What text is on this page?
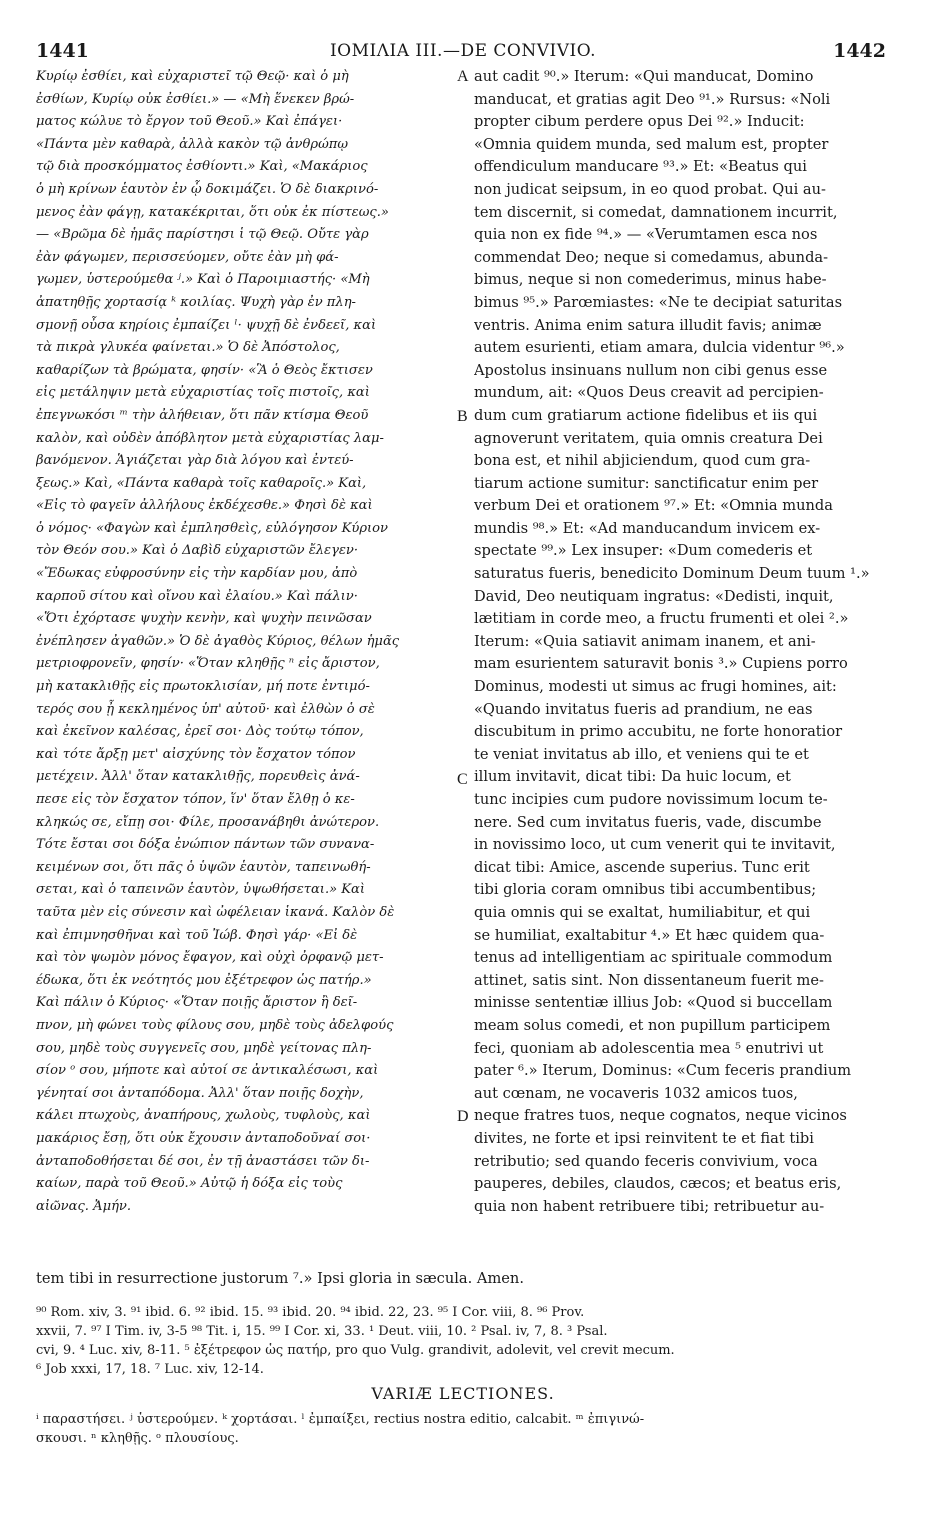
1441	ΙΟΜΙΛΙΑ III.—DE CONVIVIO.	1442
Κυρίῳ ἐσθίει, καὶ εὐχαριστεῖ τῷ Θεῷ· καὶ ὁ μὴ
ἐσθίων, Κυρίῳ οὐκ ἐσθίει.» — «Μὴ ἕνεκεν βρώ-
ματος κώλυε τὸ ἔργον τοῦ Θεοῦ.» Καὶ ἐπάγει·
«Πάντα μὲν καθαρὰ, ἀλλὰ κακὸν τῷ ἀνθρώπῳ
τῷ διὰ προσκόμματος ἐσθίοντι.» Καὶ, «Μακάριος
ὁ μὴ κρίνων ἑαυτὸν ἐν ᾧ δοκιμάζει. Ὁ δὲ διακρινό-
μενος ἐὰν φάγῃ, κατακέκριται, ὅτι οὐκ ἐκ πίστεως.»
— «Βρῶμα δὲ ἡμᾶς παρίστησι ἱ τῷ Θεῷ. Οὔτε γὰρ
ἐὰν φάγωμεν, περισσεύομεν, οὔτε ἐὰν μὴ φά-
γωμεν, ὑστερούμεθα ʲ.» Καὶ ὁ Παροιμιαστής· «Μὴ
ἀπατηθῇς χορτασίᾳ ᵏ κοιλίας. Ψυχὴ γὰρ ἐν πλη-
σμονῇ οὖσα κηρίοις ἐμπαίζει ˡ· ψυχῇ δὲ ἐνδεεῖ, καὶ
τὰ πικρὰ γλυκέα φαίνεται.» Ὁ δὲ Ἀπόστολος,
καθαρίζων τὰ βρώματα, φησίν· «Ἃ ὁ Θεὸς ἔκτισεν
εἰς μετάληψιν μετὰ εὐχαριστίας τοῖς πιστοῖς, καὶ
ἐπεγνωκόσι ᵐ τὴν ἀλήθειαν, ὅτι πᾶν κτίσμα Θεοῦ
καλὸν, καὶ οὐδὲν ἀπόβλητον μετὰ εὐχαριστίας λαμ-
βανόμενον. Ἁγιάζεται γὰρ διὰ λόγου καὶ ἐντεύ-
ξεως.» Καὶ, «Πάντα καθαρὰ τοῖς καθαροῖς.» Καὶ,
«Εἰς τὸ φαγεῖν ἀλλήλους ἐκδέχεσθε.» Φησὶ δὲ καὶ
ὁ νόμος· «Φαγὼν καὶ ἐμπλησθεὶς, εὐλόγησον Κύριον
τὸν Θεόν σου.» Καὶ ὁ Δαβὶδ εὐχαριστῶν ἔλεγεν·
«Ἔδωκας εὐφροσύνην εἰς τὴν καρδίαν μου, ἀπὸ
καρποῦ σίτου καὶ οἴνου καὶ ἐλαίου.» Καὶ πάλιν·
«Ὅτι ἐχόρτασε ψυχὴν κενὴν, καὶ ψυχὴν πεινῶσαν
ἐνέπλησεν ἀγαθῶν.» Ὁ δὲ ἀγαθὸς Κύριος, θέλων ἡμᾶς
μετριοφρονεῖν, φησίν· «Ὅταν κληθῇς ⁿ εἰς ἄριστον,
μὴ κατακλιθῇς εἰς πρωτοκλισίαν, μή ποτε ἐντιμό-
τερός σου ᾖ κεκλημένος ὑπ' αὐτοῦ· καὶ ἐλθὼν ὁ σὲ
καὶ ἐκεῖνον καλέσας, ἐρεῖ σοι· Δὸς τούτῳ τόπον,
καὶ τότε ἄρξῃ μετ' αἰσχύνης τὸν ἔσχατον τόπον
μετέχειν. Ἀλλ' ὅταν κατακλιθῇς, πορευθεὶς ἀνά-
πεσε εἰς τὸν ἔσχατον τόπον, ἵν' ὅταν ἔλθῃ ὁ κε-
κληκώς σε, εἴπῃ σοι· Φίλε, προσανάβηθι ἀνώτερον.
Τότε ἔσται σοι δόξα ἐνώπιον πάντων τῶν συνανα-
κειμένων σοι, ὅτι πᾶς ὁ ὑψῶν ἑαυτὸν, ταπεινωθή-
σεται, καὶ ὁ ταπεινῶν ἑαυτὸν, ὑψωθήσεται.» Καὶ
ταῦτα μὲν εἰς σύνεσιν καὶ ὠφέλειαν ἱκανά. Καλὸν δὲ
καὶ ἐπιμνησθῆναι καὶ τοῦ Ἰώβ. Φησὶ γάρ· «Εἰ δὲ
καὶ τὸν ψωμὸν μόνος ἔφαγον, καὶ οὐχὶ ὀρφανῷ μετ-
έδωκα, ὅτι ἐκ νεότητός μου ἐξέτρεφον ὡς πατήρ.»
Καὶ πάλιν ὁ Κύριος· «Ὅταν ποιῇς ἄριστον ἢ δεῖ-
πνον, μὴ φώνει τοὺς φίλους σου, μηδὲ τοὺς ἀδελφούς
σου, μηδὲ τοὺς συγγενεῖς σου, μηδὲ γείτονας πλη-
σίον ᵒ σου, μήποτε καὶ αὐτοί σε ἀντικαλέσωσι, καὶ
γένηταί σοι ἀνταπόδομα. Ἀλλ' ὅταν ποιῇς δοχὴν,
κάλει πτωχοὺς, ἀναπήρους, χωλοὺς, τυφλοὺς, καὶ
μακάριος ἔσῃ, ὅτι οὐκ ἔχουσιν ἀνταποδοῦναί σοι·
ἀνταποδοθήσεται δέ σοι, ἐν τῇ ἀναστάσει τῶν δι-
καίων, παρὰ τοῦ Θεοῦ.» Αὐτῷ ἡ δόξα εἰς τοὺς
αἰῶνας. Ἀμήν.
aut cadit ⁹⁰.» Iterum: «Qui manducat, Domino
manducat, et gratias agit Deo ⁹¹.» Rursus: «Noli
propter cibum perdere opus Dei ⁹².» Inducit:
«Omnia quidem munda, sed malum est, propter
offendiculum manducare ⁹³.» Et: «Beatus qui
non judicat seipsum, in eo quod probat. Qui au-
tem discernit, si comedat, damnationem incurrit,
quia non ex fide ⁹⁴.» — «Verumtamen esca nos
commendat Deo; neque si comedamus, abunda-
bimus, neque si non comederimus, minus habe-
bimus ⁹⁵.» Parœmiastes: «Ne te decipiat saturitas
ventris. Anima enim satura illudit favis; animæ
autem esurienti, etiam amara, dulcia videntur ⁹⁶.»
Apostolus insinuans nullum non cibi genus esse
mundum, ait: «Quos Deus creavit ad percipien-
dum cum gratiarum actione fidelibus et iis qui
agnoverunt veritatem, quia omnis creatura Dei
bona est, et nihil abjiciendum, quod cum gra-
tiarum actione sumitur: sanctificatur enim per
verbum Dei et orationem ⁹⁷.» Et: «Omnia munda
mundis ⁹⁸.» Et: «Ad manducandum invicem ex-
spectate ⁹⁹.» Lex insuper: «Dum comederis et
saturatus fueris, benedicito Dominum Deum tuum ¹.»
David, Deo neutiquam ingratus: «Dedisti, inquit,
lætitiam in corde meo, a fructu frumenti et olei ².»
Iterum: «Quia satiavit animam inanem, et ani-
mam esurientem saturavit bonis ³.» Cupiens porro
Dominus, modesti ut simus ac frugi homines, ait:
«Quando invitatus fueris ad prandium, ne eas
discubitum in primo accubitu, ne forte honoratior
te veniat invitatus ab illo, et veniens qui te et
illum invitavit, dicat tibi: Da huic locum, et
tunc incipies cum pudore novissimum locum te-
nere. Sed cum invitatus fueris, vade, discumbe
in novissimo loco, ut cum venerit qui te invitavit,
dicat tibi: Amice, ascende superius. Tunc erit
tibi gloria coram omnibus tibi accumbentibus;
quia omnis qui se exaltat, humiliabitur, et qui
se humiliat, exaltabitur ⁴.» Et hæc quidem qua-
tenus ad intelligentiam ac spirituale commodum
attinet, satis sint. Non dissentaneum fuerit me-
minisse sententiæ illius Job: «Quod si buccellam
meam solus comedi, et non pupillum participem
feci, quoniam ab adolescentia mea ⁵ enutrivi ut
pater ⁶.» Iterum, Dominus: «Cum feceris prandium
aut cœnam, ne vocaveris 1032 amicos tuos,
neque fratres tuos, neque cognatos, neque vicinos
divites, ne forte et ipsi reinvitent te et fiat tibi
retributio; sed quando feceris convivium, voca
pauperes, debiles, claudos, cæcos; et beatus eris,
quia non habent retribuere tibi; retribuetur au-
A
B
C
D
tem tibi in resurrectione justorum ⁷.» Ipsi gloria in sæcula. Amen.
⁹⁰ Rom. xiv, 3. ⁹¹ ibid. 6. ⁹² ibid. 15. ⁹³ ibid. 20. ⁹⁴ ibid. 22, 23. ⁹⁵ I Cor. viii, 8. ⁹⁶ Prov.
xxvii, 7. ⁹⁷ I Tim. iv, 3-5 ⁹⁸ Tit. i, 15. ⁹⁹ I Cor. xi, 33. ¹ Deut. viii, 10. ² Psal. iv, 7, 8. ³ Psal.
cvi, 9. ⁴ Luc. xiv, 8-11. ⁵ ἐξέτρεφον ὡς πατήρ, pro quo Vulg. grandivit, adolevit, vel crevit mecum.
⁶ Job xxxi, 17, 18. ⁷ Luc. xiv, 12-14.
VARIÆ LECTIONES.
ⁱ παραστήσει. ʲ ὑστερούμεν. ᵏ χορτάσαι. ˡ ἐμπαίξει, rectius nostra editio, calcabit. ᵐ ἐπιγινώ-
σκουσι. ⁿ κληθῇς. ᵒ πλουσίους.
